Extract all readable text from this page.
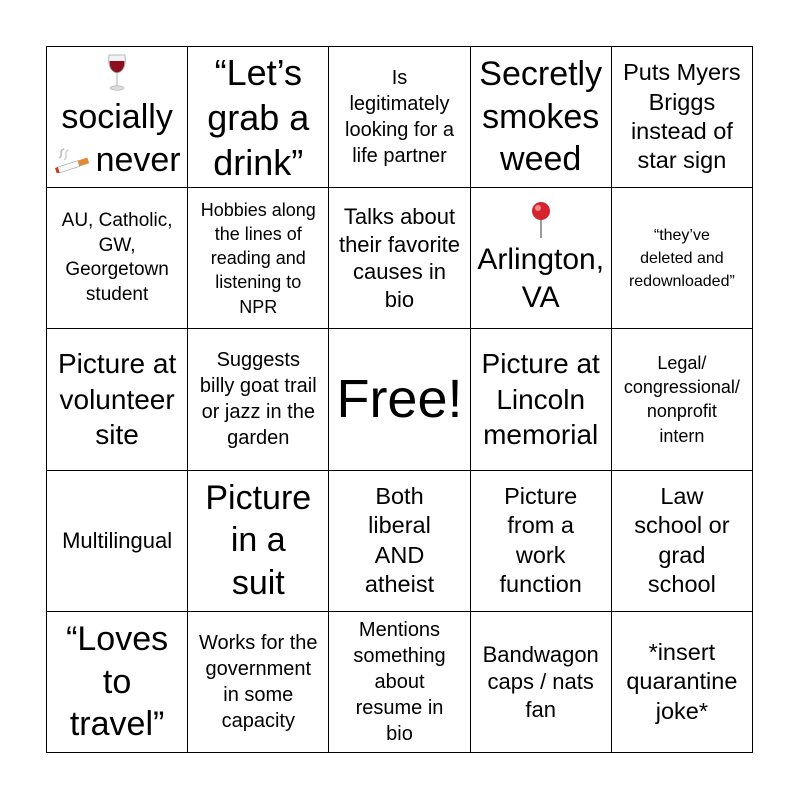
socially
never
“Let’s
grab a
drink”
Is
legitimately
looking for a
life partner
Secretly
smokes
weed
Puts Myers
Briggs
instead of
star sign
AU, Catholic,
GW,
Georgetown
student
Hobbies along
the lines of
reading and
listening to
NPR
Talks about
their favorite
causes in
bio
Arlington,
VA
“they’ve
deleted and
redownloaded”
Picture at
volunteer
site
Suggests
billy goat trail
or jazz in the
garden
Free!
Picture at
Lincoln
memorial
Legal/
congressional/
nonprofit
intern
Multilingual
Picture
in a
suit
Both
liberal
AND
atheist
Picture
from a
work
function
Law
school or
grad
school
“Loves
to
travel”
Works for the
government
in some
capacity
Mentions
something
about
resume in
bio
Bandwagon
caps / nats
fan
*insert
quarantine
joke*
